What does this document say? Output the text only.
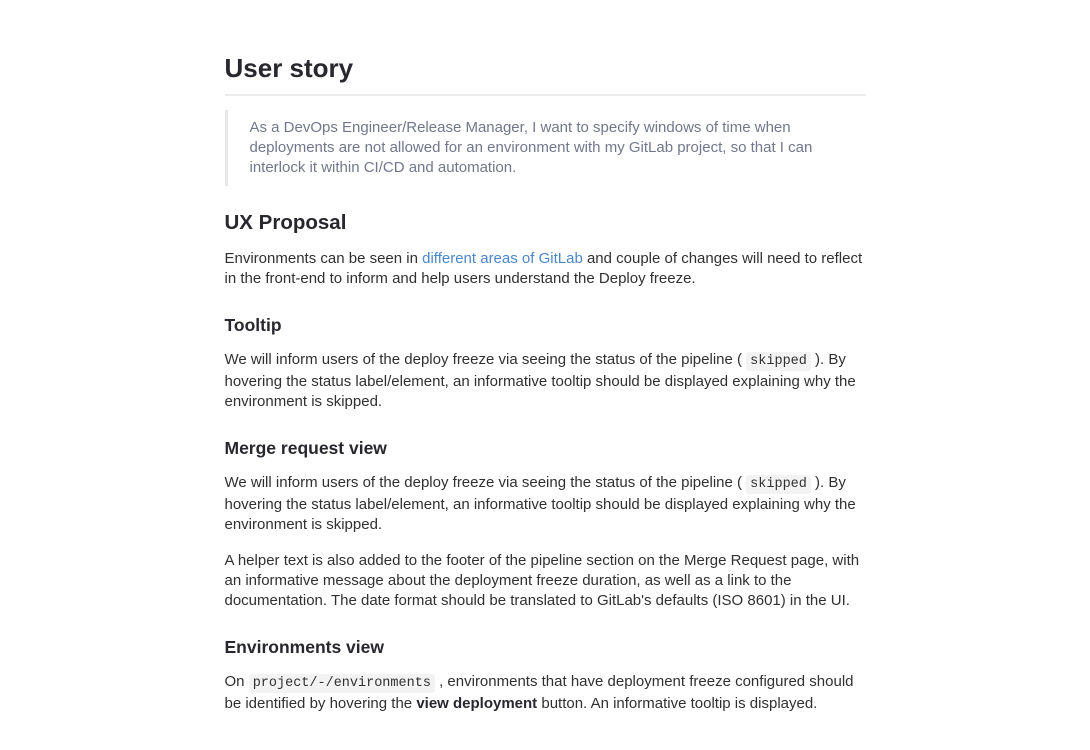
User story

As a DevOps Engineer/Release Manager, I want to specify windows of time when deployments are not allowed for an environment with my GitLab project, so that I can interlock it within CI/CD and automation.

UX Proposal

Environments can be seen in different areas of GitLab and couple of changes will need to reflect in the front-end to inform and help users understand the Deploy freeze.

Tooltip

We will inform users of the deploy freeze via seeing the status of the pipeline ( skipped ). By hovering the status label/element, an informative tooltip should be displayed explaining why the environment is skipped.

Merge request view

We will inform users of the deploy freeze via seeing the status of the pipeline ( skipped ). By hovering the status label/element, an informative tooltip should be displayed explaining why the environment is skipped.

A helper text is also added to the footer of the pipeline section on the Merge Request page, with an informative message about the deployment freeze duration, as well as a link to the documentation. The date format should be translated to GitLab's defaults (ISO 8601) in the UI.

Environments view

On project/-/environments , environments that have deployment freeze configured should be identified by hovering the view deployment button. An informative tooltip is displayed.
